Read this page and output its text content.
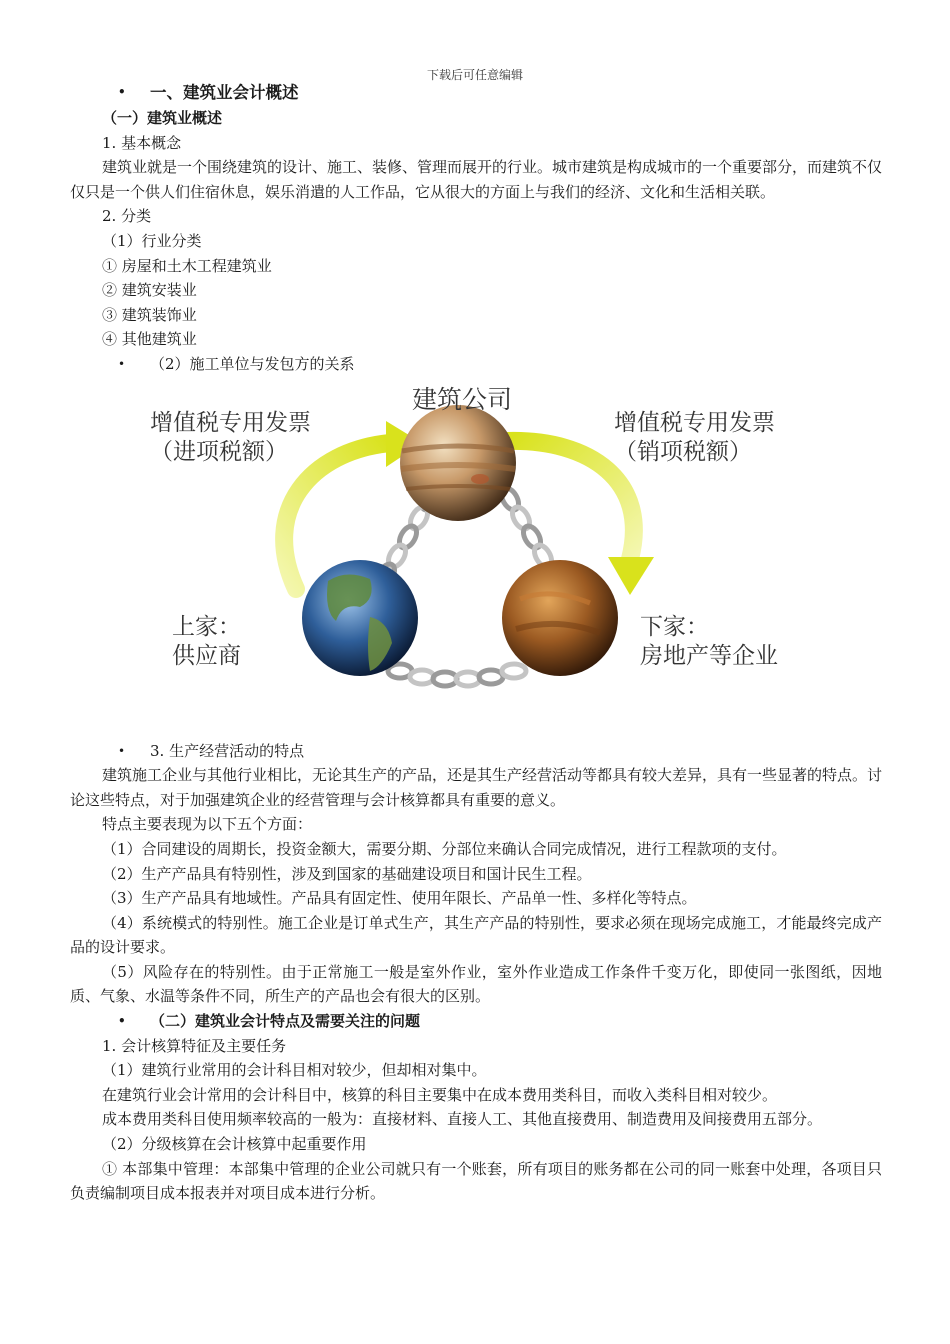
下载后可任意编辑
•	一、建筑业会计概述
（一）建筑业概述
1. 基本概念
建筑业就是一个围绕建筑的设计、施工、装修、管理而展开的行业。城市建筑是构成城市的一个重要部分，而建筑不仅仅只是一个供人们住宿休息，娱乐消遣的人工作品，它从很大的方面上与我们的经济、文化和生活相关联。
2. 分类
（1）行业分类
① 房屋和土木工程建筑业
② 建筑安装业
③ 建筑装饰业
④ 其他建筑业
•	（2）施工单位与发包方的关系
建筑公司
增值税专用发票
（进项税额）
增值税专用发票
（销项税额）
上家：
供应商
下家：
房地产等企业
•	3. 生产经营活动的特点
建筑施工企业与其他行业相比，无论其生产的产品，还是其生产经营活动等都具有较大差异，具有一些显著的特点。讨论这些特点，对于加强建筑企业的经营管理与会计核算都具有重要的意义。
特点主要表现为以下五个方面：
（1）合同建设的周期长，投资金额大，需要分期、分部位来确认合同完成情况，进行工程款项的支付。
（2）生产产品具有特别性，涉及到国家的基础建设项目和国计民生工程。
（3）生产产品具有地域性。产品具有固定性、使用年限长、产品单一性、多样化等特点。
（4）系统模式的特别性。施工企业是订单式生产，其生产产品的特别性，要求必须在现场完成施工，才能最终完成产品的设计要求。
（5）风险存在的特别性。由于正常施工一般是室外作业，室外作业造成工作条件千变万化，即使同一张图纸，因地质、气象、水温等条件不同，所生产的产品也会有很大的区别。
•	（二）建筑业会计特点及需要关注的问题
1. 会计核算特征及主要任务
（1）建筑行业常用的会计科目相对较少，但却相对集中。
在建筑行业会计常用的会计科目中，核算的科目主要集中在成本费用类科目，而收入类科目相对较少。
成本费用类科目使用频率较高的一般为：直接材料、直接人工、其他直接费用、制造费用及间接费用五部分。
（2）分级核算在会计核算中起重要作用
① 本部集中管理：本部集中管理的企业公司就只有一个账套，所有项目的账务都在公司的同一账套中处理，各项目只负责编制项目成本报表并对项目成本进行分析。
